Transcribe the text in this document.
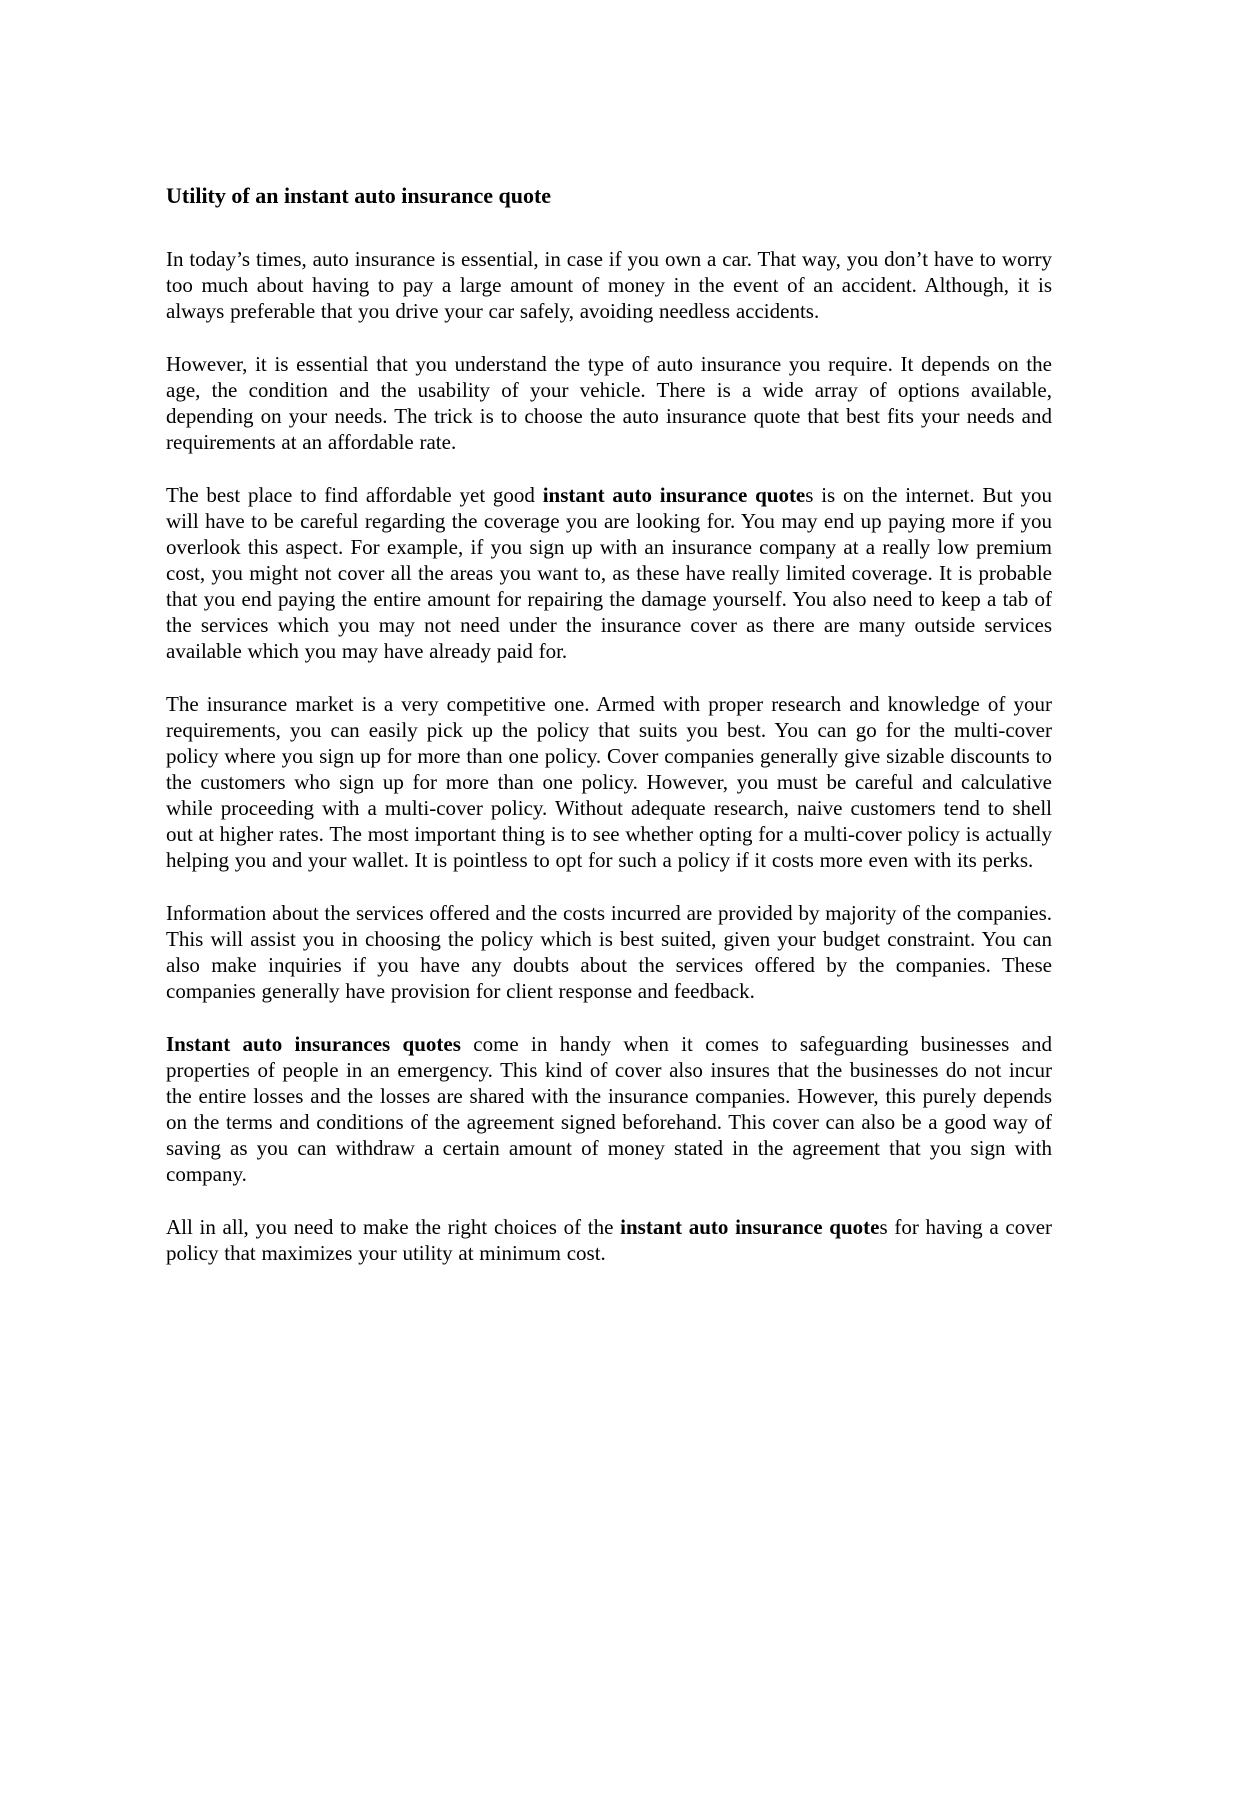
Utility of an instant auto insurance quote

In today’s times, auto insurance is essential, in case if you own a car. That way, you don’t have to worry too much about having to pay a large amount of money in the event of an accident. Although, it is always preferable that you drive your car safely, avoiding needless accidents.

However, it is essential that you understand the type of auto insurance you require. It depends on the age, the condition and the usability of your vehicle. There is a wide array of options available, depending on your needs. The trick is to choose the auto insurance quote that best fits your needs and requirements at an affordable rate.

The best place to find affordable yet good instant auto insurance quotes is on the internet. But you will have to be careful regarding the coverage you are looking for. You may end up paying more if you overlook this aspect. For example, if you sign up with an insurance company at a really low premium cost, you might not cover all the areas you want to, as these have really limited coverage. It is probable that you end paying the entire amount for repairing the damage yourself. You also need to keep a tab of the services which you may not need under the insurance cover as there are many outside services available which you may have already paid for.

The insurance market is a very competitive one. Armed with proper research and knowledge of your requirements, you can easily pick up the policy that suits you best. You can go for the multi-cover policy where you sign up for more than one policy. Cover companies generally give sizable discounts to the customers who sign up for more than one policy. However, you must be careful and calculative while proceeding with a multi-cover policy. Without adequate research, naive customers tend to shell out at higher rates. The most important thing is to see whether opting for a multi-cover policy is actually helping you and your wallet. It is pointless to opt for such a policy if it costs more even with its perks.

Information about the services offered and the costs incurred are provided by majority of the companies. This will assist you in choosing the policy which is best suited, given your budget constraint. You can also make inquiries if you have any doubts about the services offered by the companies. These companies generally have provision for client response and feedback.

Instant auto insurances quotes come in handy when it comes to safeguarding businesses and properties of people in an emergency. This kind of cover also insures that the businesses do not incur the entire losses and the losses are shared with the insurance companies. However, this purely depends on the terms and conditions of the agreement signed beforehand. This cover can also be a good way of saving as you can withdraw a certain amount of money stated in the agreement that you sign with company.

All in all, you need to make the right choices of the instant auto insurance quotes for having a cover policy that maximizes your utility at minimum cost.
